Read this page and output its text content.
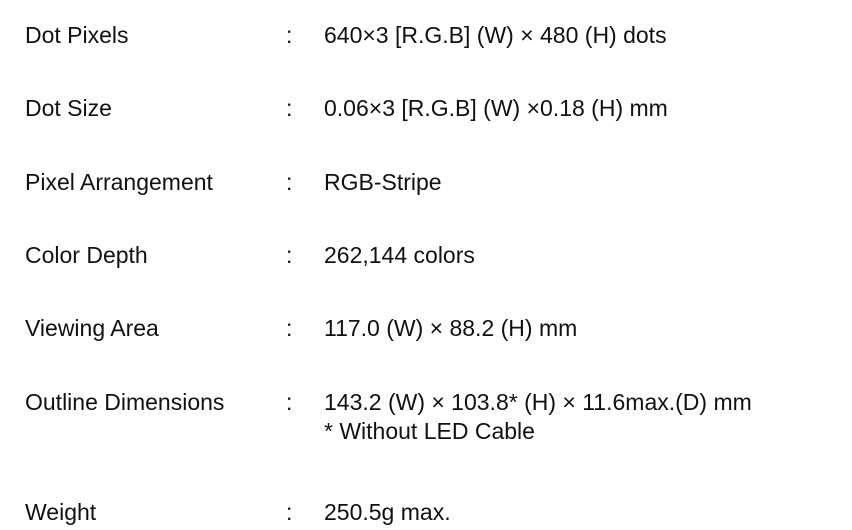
Dot Pixels	: 640×3 [R.G.B] (W) × 480 (H) dots
Dot Size	: 0.06×3 [R.G.B] (W) ×0.18 (H) mm
Pixel Arrangement	: RGB-Stripe
Color Depth	: 262,144 colors
Viewing Area	: 117.0 (W) × 88.2 (H) mm
Outline Dimensions	: 143.2 (W) × 103.8* (H) × 11.6max.(D) mm
* Without LED Cable
Weight	: 250.5g max.
